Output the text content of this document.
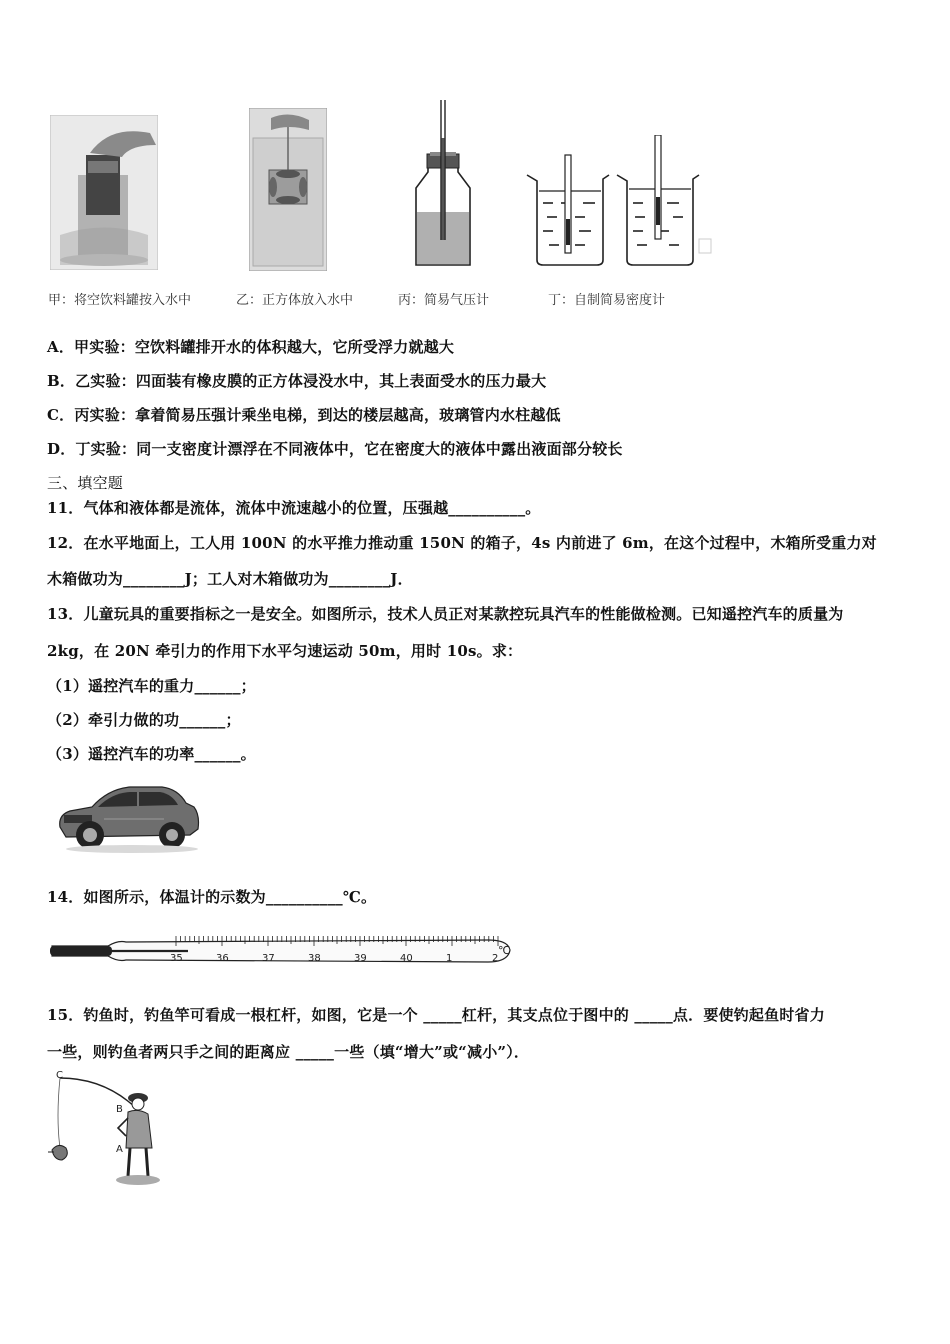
甲：将空饮料罐按入水中	乙：正方体放入水中	丙：简易气压计	丁：自制简易密度计
A．甲实验：空饮料罐排开水的体积越大，它所受浮力就越大
B．乙实验：四面装有橡皮膜的正方体浸没水中，其上表面受水的压力最大
C．丙实验：拿着简易压强计乘坐电梯，到达的楼层越高，玻璃管内水柱越低
D．丁实验：同一支密度计漂浮在不同液体中，它在密度大的液体中露出液面部分较长
三、填空题
11．气体和液体都是流体，流体中流速越小的位置，压强越__________。
12．在水平地面上，工人用 100N 的水平推力推动重 150N 的箱子，4s 内前进了 6m，在这个过程中，木箱所受重力对
木箱做功为________J；工人对木箱做功为________J．
13．儿童玩具的重要指标之一是安全。如图所示，技术人员正对某款控玩具汽车的性能做检测。已知遥控汽车的质量为
2kg，在 20N 牵引力的作用下水平匀速运动 50m，用时 10s。求：
（1）遥控汽车的重力______；
（2）牵引力做的功______；
（3）遥控汽车的功率______。
14．如图所示，体温计的示数为__________℃。
35	36	37	38	39	40	1	2
℃
15．钓鱼时，钓鱼竿可看成一根杠杆，如图，它是一个 _____杠杆，其支点位于图中的 _____点．要使钓起鱼时省力
一些，则钓鱼者两只手之间的距离应 _____一些（填“增大”或“减小”）．
C
B
A
